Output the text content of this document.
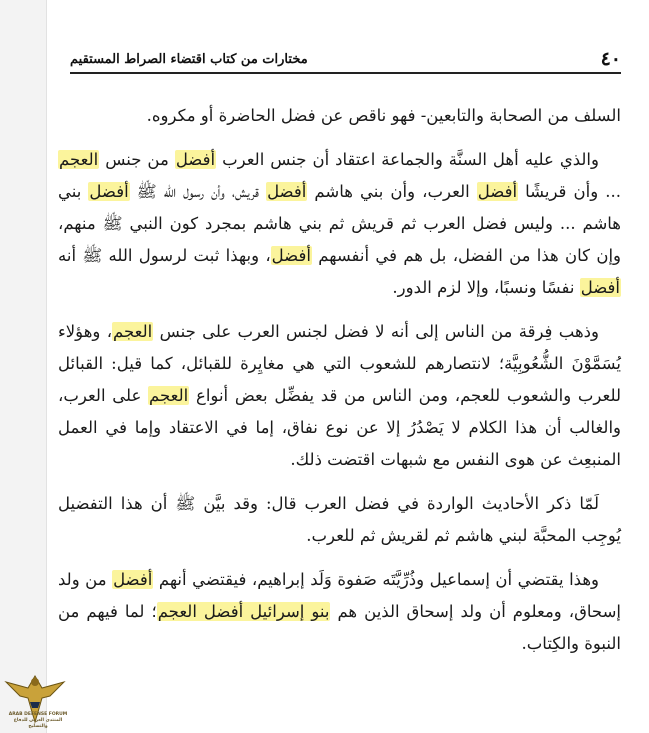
٤٠
مختارات من كتاب اقتضاء الصراط المستقيم

السلف من الصحابة والتابعين- فهو ناقص عن فضل الحاضرة أو مكروه.

والذي عليه أهل السنَّة والجماعة اعتقاد أن جنس العرب أفضل من جنس العجم ... وأن قريشًا أفضل العرب، وأن بني هاشم أفضل قريش، وأن رسول الله ﷺ أفضل بني هاشم ... وليس فضل العرب ثم قريش ثم بني هاشم بمجرد كون النبي ﷺ منهم، وإن كان هذا من الفضل، بل هم في أنفسهم أفضل، وبهذا ثبت لرسول الله ﷺ أنه أفضل نفسًا ونسبًا، وإلا لزم الدور.

وذهب فِرقة من الناس إلى أنه لا فضل لجنس العرب على جنس العجم، وهؤلاء يُسَمَّوْنَ الشُّعُوبِيَّة؛ لانتصارهم للشعوب التي هي مغايِرة للقبائل، كما قيل: القبائل للعرب والشعوب للعجم، ومن الناس من قد يفضِّل بعض أنواع العجم على العرب، والغالب أن هذا الكلام لا يَصْدُرُ إلا عن نوع نفاق، إما في الاعتقاد وإما في العمل المنبعِث عن هوى النفس مع شبهات اقتضت ذلك.

لَمّا ذكر الأحاديث الواردة في فضل العرب قال: وقد بيَّن ﷺ أن هذا التفضيل يُوجِب المحبَّة لبني هاشم ثم لقريش ثم للعرب.

وهذا يقتضي أن إسماعيل وذُرِّيَّتَه صَفوة وَلَد إبراهيم، فيقتضي أنهم أفضل من ولد إسحاق، ومعلوم أن ولد إسحاق الذين هم بنو إسرائيل أفضل العجم؛ لما فيهم من النبوة والكِتاب.

ARAB DEFENSE FORUM
المنتدى العربي للدفاع والتسليح
